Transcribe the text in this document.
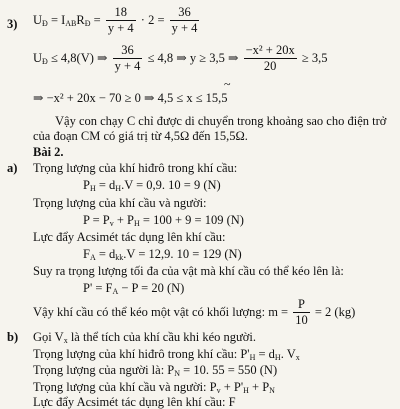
3) $U_Đ = I_{AB}R_Đ = \frac{18}{y + 4} \cdot 2 = \frac{36}{y + 4}$
$U_Đ \le 4,8(V)$ ⇒ $\frac{36}{y + 4} \le 4,8$ ⇒ y ≥ 3,5 ⇒ $\frac{\text{−x² + 20x}}{20} \ge 3,5$
~
⇒ −x² + 20x − 70 ≥ 0 ⇒ 4,5 ≤ x ≤ 15,5
Vậy con chạy C chỉ được di chuyển trong khoảng sao cho điện trở
của đoạn CM có giá trị từ 4,5Ω đến 15,5Ω.
Bài 2.
a) Trọng lượng của khí hiđrô trong khí cầu:
$P_H = d_H.V = 0,9$. 10 = 9 (N)
Trọng lượng của khí cầu và người:
$P = P_v + P_H = 100 + 9 = 109$ (N)
Lực đẩy Acsimét tác dụng lên khí cầu:
$F_A = d_{kk}.V = 12,9$. 10 = 129 (N)
Suy ra trọng lượng tối đa của vật mà khí cầu có thể kéo lên là:
$P' = F_A - P = 20$ (N)
Vậy khí cầu có thể kéo một vật có khối lượng: $m = \frac{P}{10} = 2$ (kg)
b) Gọi $V_x$ là thể tích của khí cầu khi kéo người.
Trọng lượng của khí hiđrô trong khí cầu: $P'_H = d_H$. $V_x$
Trọng lượng của người là: $P_N = 10$. 55 = 550 (N)
Trọng lượng của khí cầu và người: $P_v + P'_H + P_N$
Lực đẩy Acsimét tác dụng lên khí cầu: F
